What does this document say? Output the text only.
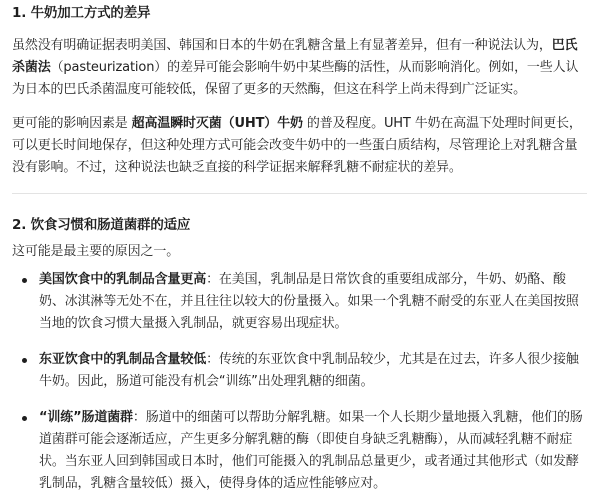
1. 牛奶加工方式的差异

虽然没有明确证据表明美国、韩国和日本的牛奶在乳糖含量上有显著差异，但有一种说法认为，巴氏杀菌法（pasteurization）的差异可能会影响牛奶中某些酶的活性，从而影响消化。例如，一些人认为日本的巴氏杀菌温度可能较低，保留了更多的天然酶，但这在科学上尚未得到广泛证实。

更可能的影响因素是 超高温瞬时灭菌（UHT）牛奶 的普及程度。UHT 牛奶在高温下处理时间更长，可以更长时间地保存，但这种处理方式可能会改变牛奶中的一些蛋白质结构，尽管理论上对乳糖含量没有影响。不过，这种说法也缺乏直接的科学证据来解释乳糖不耐症状的差异。

2. 饮食习惯和肠道菌群的适应

这可能是最主要的原因之一。

美国饮食中的乳制品含量更高：在美国，乳制品是日常饮食的重要组成部分，牛奶、奶酪、酸奶、冰淇淋等无处不在，并且往往以较大的份量摄入。如果一个乳糖不耐受的东亚人在美国按照当地的饮食习惯大量摄入乳制品，就更容易出现症状。

东亚饮食中的乳制品含量较低：传统的东亚饮食中乳制品较少，尤其是在过去，许多人很少接触牛奶。因此，肠道可能没有机会“训练”出处理乳糖的细菌。

“训练”肠道菌群：肠道中的细菌可以帮助分解乳糖。如果一个人长期少量地摄入乳糖，他们的肠道菌群可能会逐渐适应，产生更多分解乳糖的酶（即使自身缺乏乳糖酶），从而减轻乳糖不耐症状。当东亚人回到韩国或日本时，他们可能摄入的乳制品总量更少，或者通过其他形式（如发酵乳制品，乳糖含量较低）摄入，使得身体的适应性能够应对。
